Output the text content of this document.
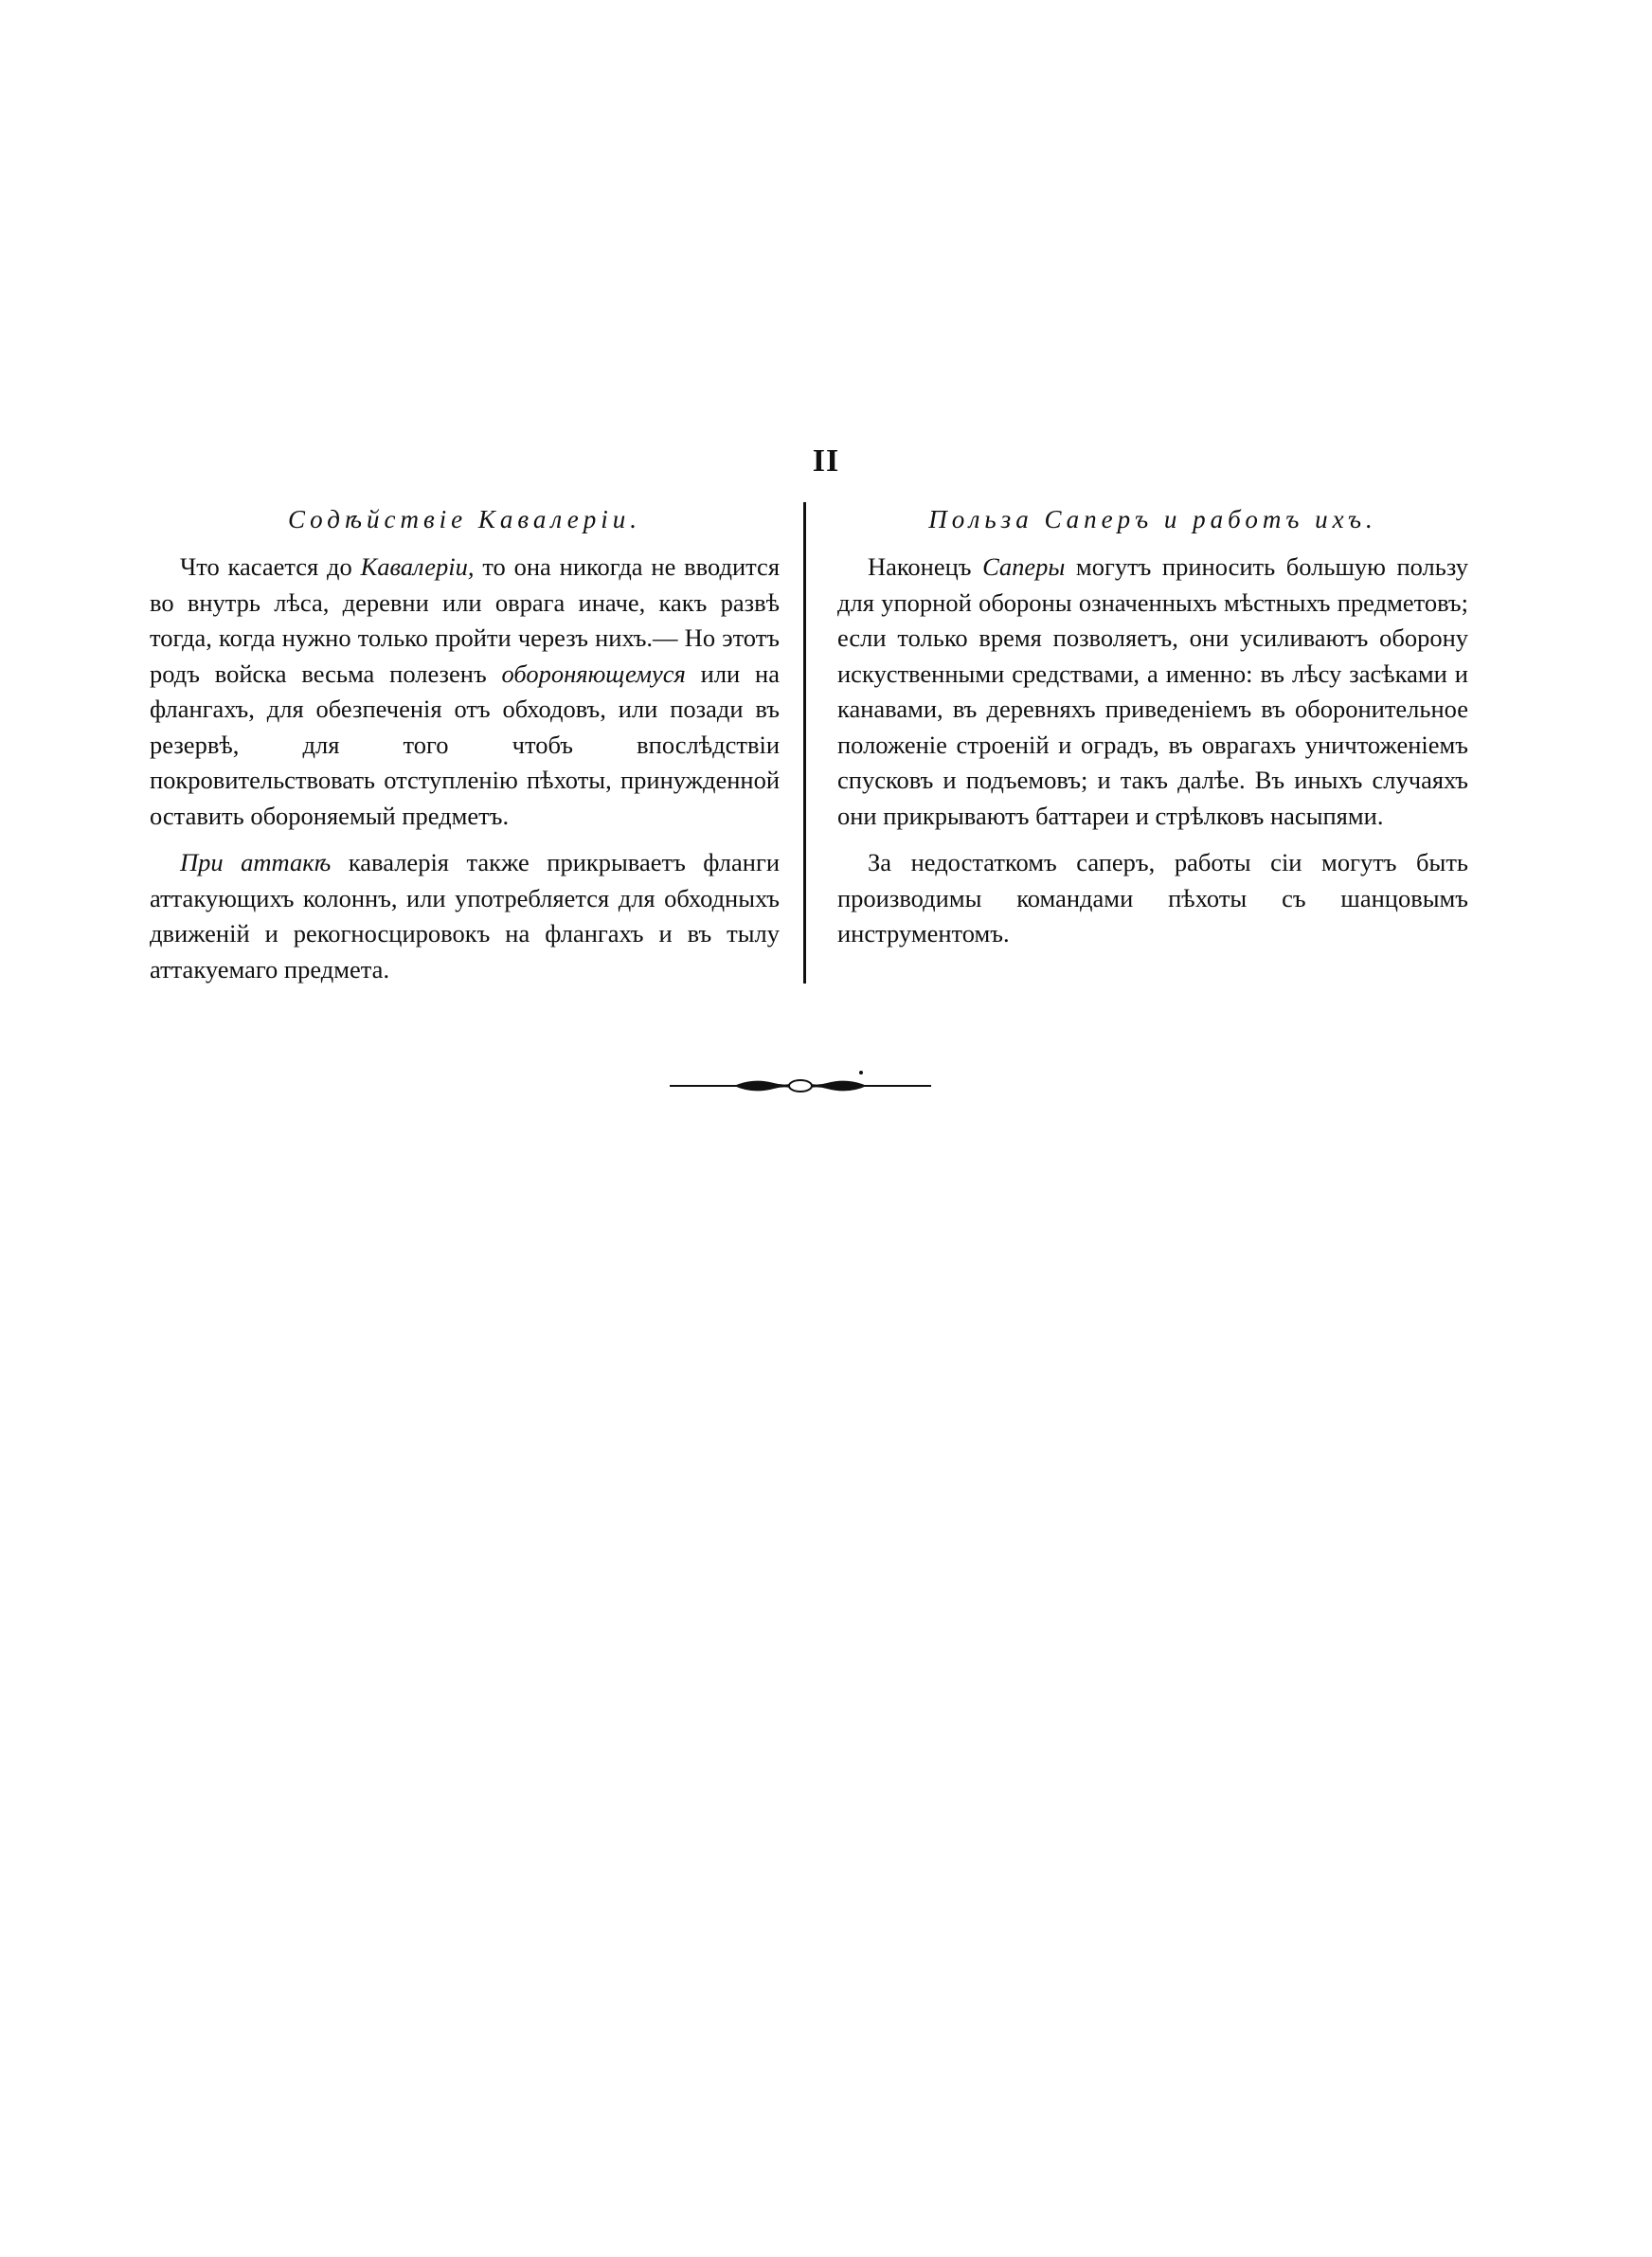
II
Содѣйствіе Кавалеріи.

Что касается до Кавалеріи, то она никогда не вводится во внутрь лѣса, деревни или оврага иначе, какъ развѣ тогда, когда нужно только пройти черезъ нихъ.— Но этотъ родъ войска весьма полезенъ обороняющемуся или на флангахъ, для обезпеченія отъ обходовъ, или позади въ резервѣ, для того чтобъ впослѣдствіи покровительствовать отступленію пѣхоты, принужденной оставить обороняемый предметъ.

При аттакѣ кавалерія также прикрываетъ фланги аттакующихъ колоннъ, или употребляется для обходныхъ движеній и рекогносцировокъ на флангахъ и въ тылу аттакуемаго предмета.

Польза Саперъ и работъ ихъ.

Наконецъ Саперы могутъ приносить большую пользу для упорной обороны означенныхъ мѣстныхъ предметовъ; если только время позволяетъ, они усиливаютъ оборону искуственными средствами, а именно: въ лѣсу засѣками и канавами, въ деревняхъ приведеніемъ въ оборонительное положеніе строеній и оградъ, въ оврагахъ уничтоженіемъ спусковъ и подъемовъ; и такъ далѣе. Въ иныхъ случаяхъ они прикрываютъ баттареи и стрѣлковъ насыпями.

За недостаткомъ саперъ, работы сіи могутъ быть производимы командами пѣхоты съ шанцовымъ инструментомъ.
